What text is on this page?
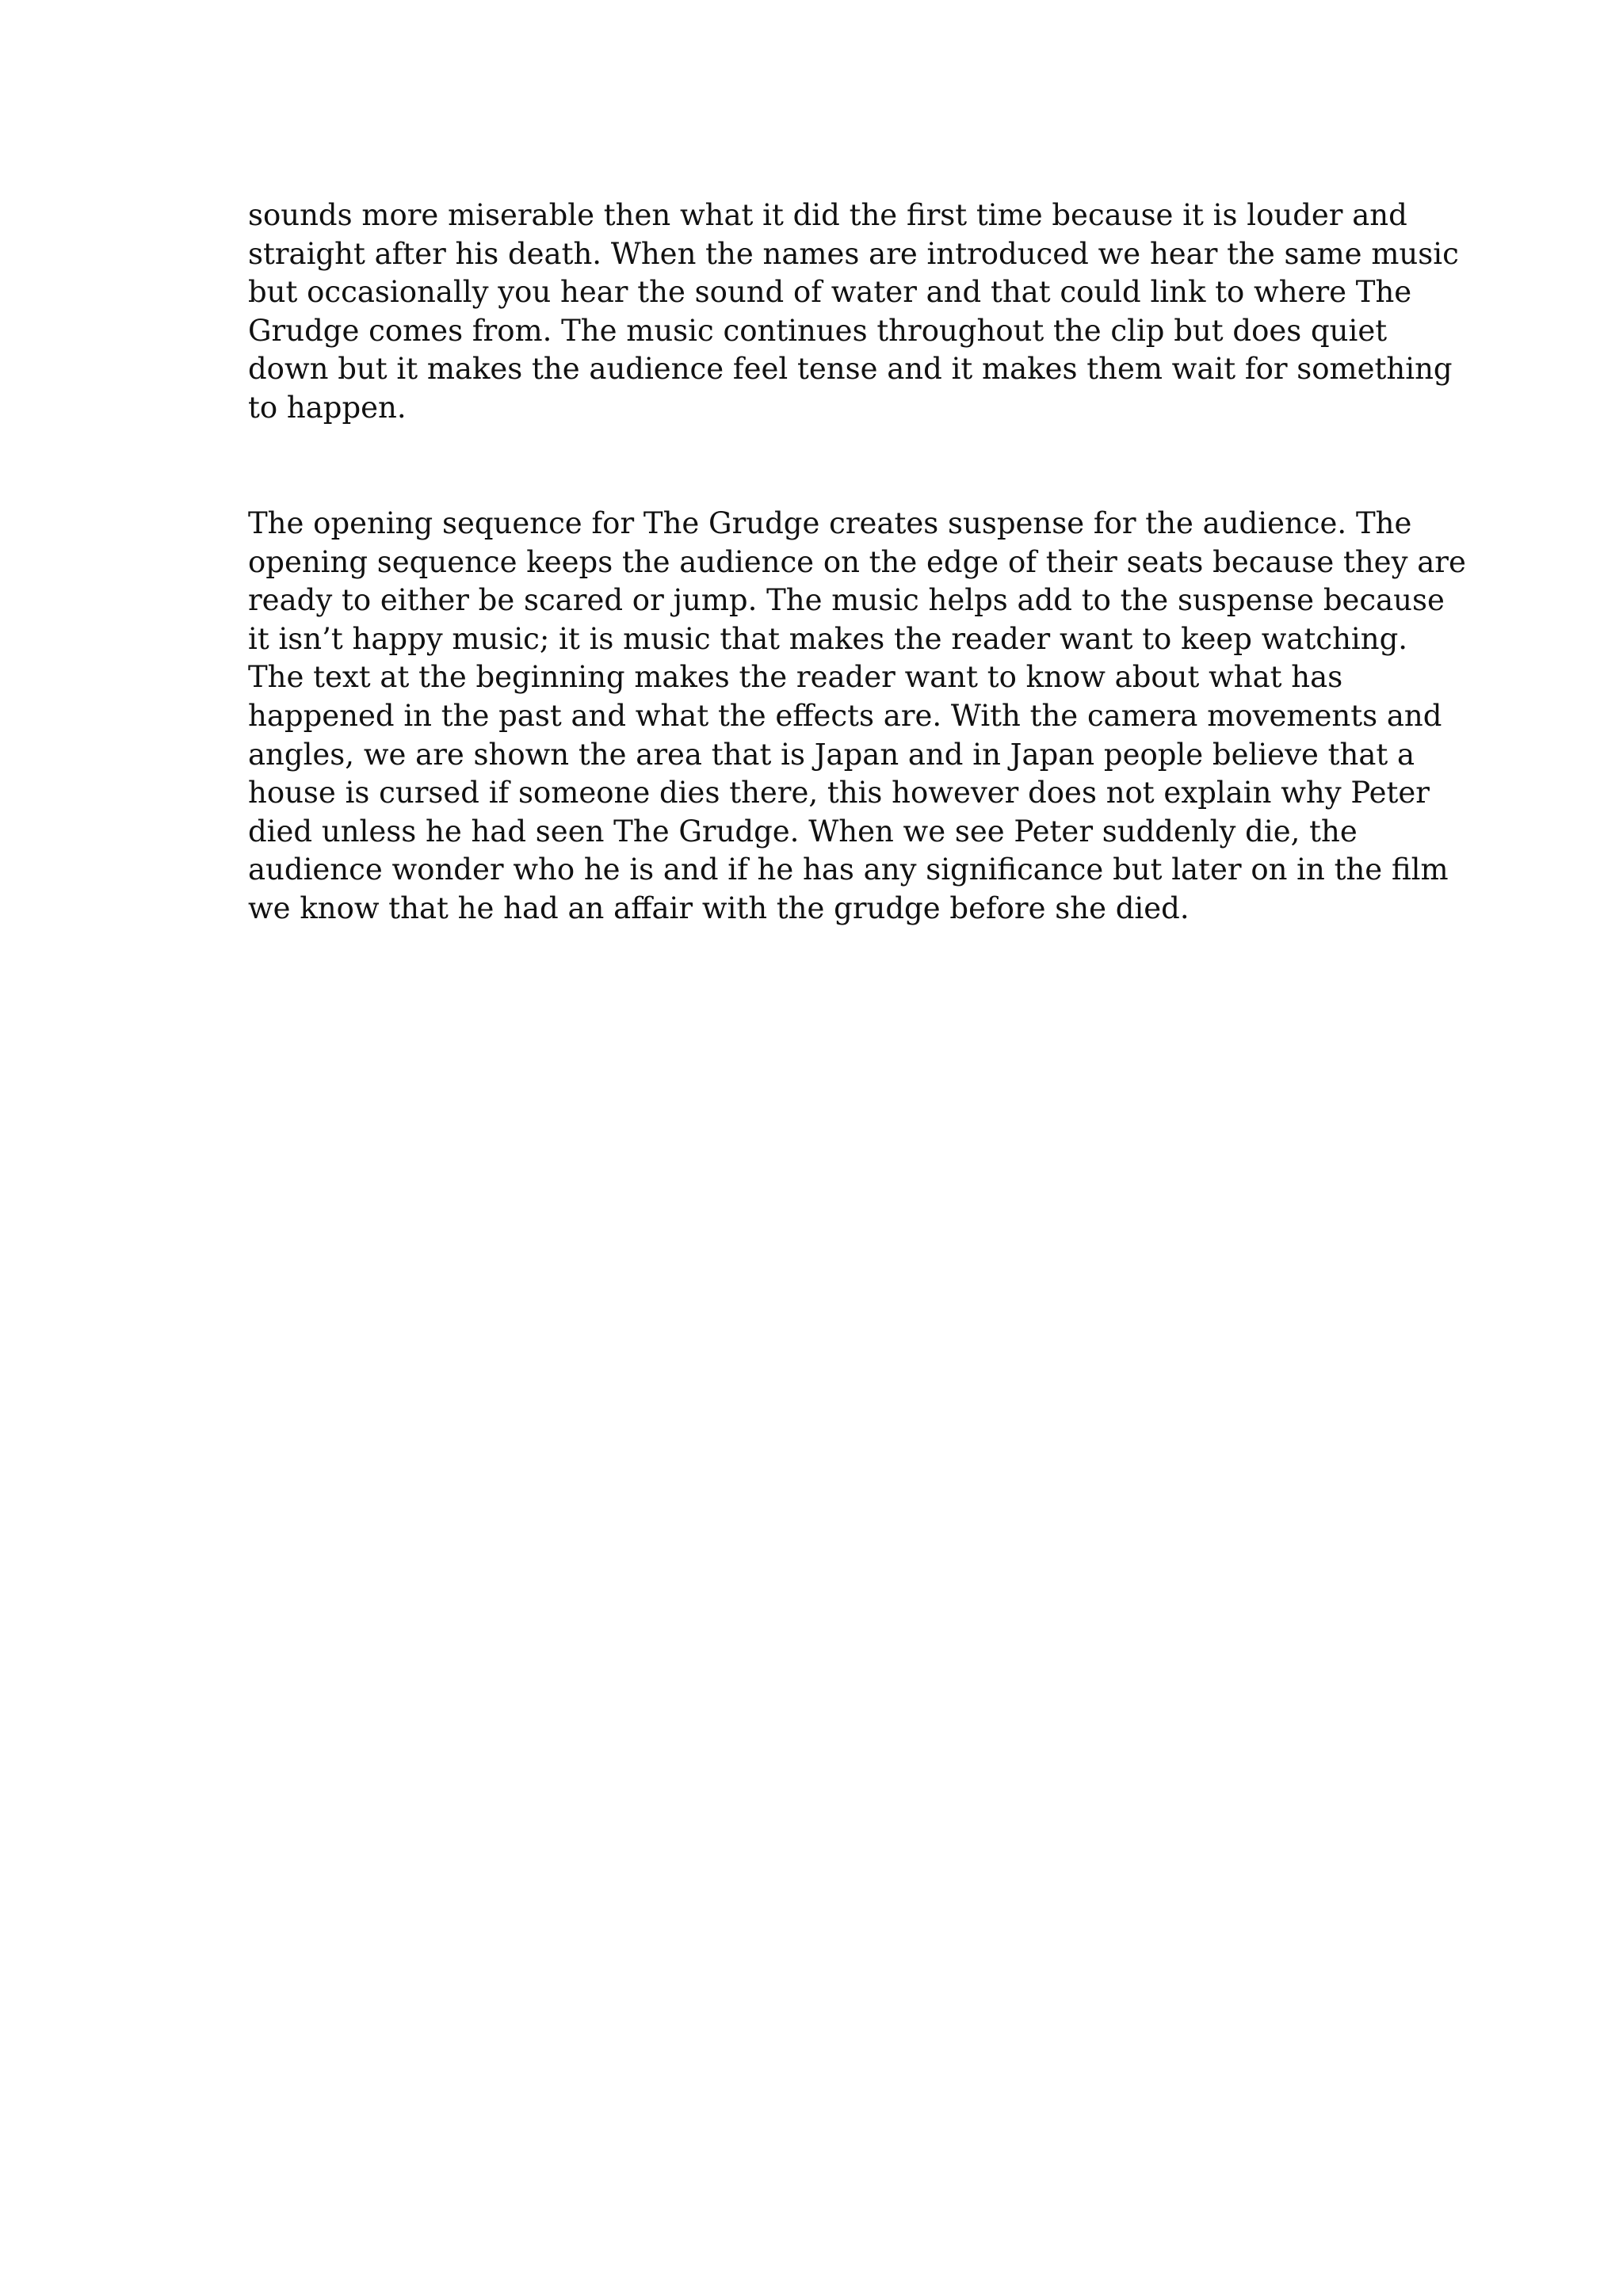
sounds more miserable then what it did the first time because it is louder and
straight after his death. When the names are introduced we hear the same music
but occasionally you hear the sound of water and that could link to where The
Grudge comes from. The music continues throughout the clip but does quiet
down but it makes the audience feel tense and it makes them wait for something
to happen.
The opening sequence for The Grudge creates suspense for the audience. The
opening sequence keeps the audience on the edge of their seats because they are
ready to either be scared or jump. The music helps add to the suspense because
it isn’t happy music; it is music that makes the reader want to keep watching.
The text at the beginning makes the reader want to know about what has
happened in the past and what the effects are. With the camera movements and
angles, we are shown the area that is Japan and in Japan people believe that a
house is cursed if someone dies there, this however does not explain why Peter
died unless he had seen The Grudge. When we see Peter suddenly die, the
audience wonder who he is and if he has any significance but later on in the film
we know that he had an affair with the grudge before she died.
